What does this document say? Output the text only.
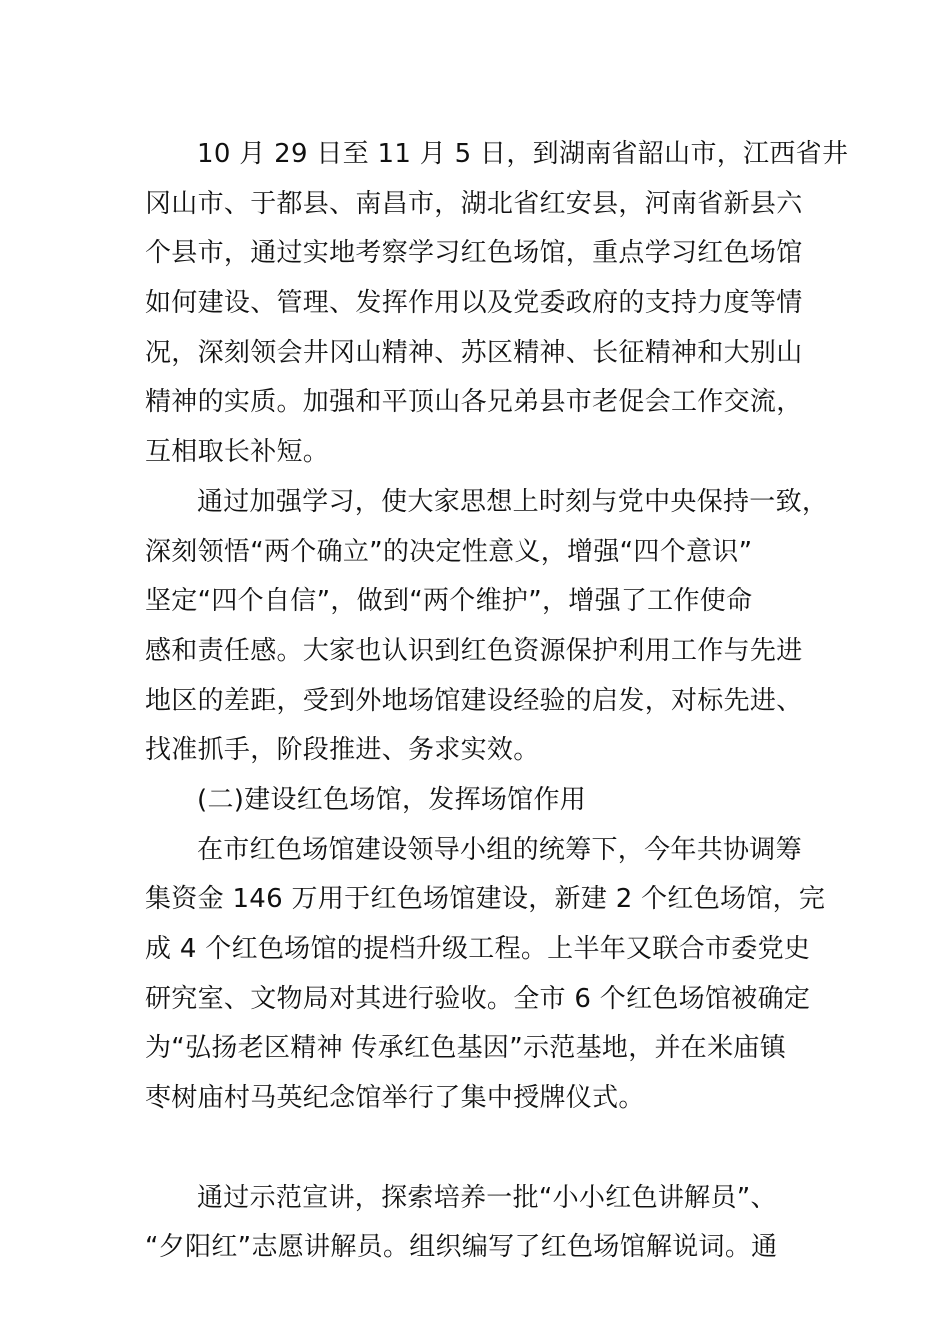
10 月 29 日至 11 月 5 日，到湖南省韶山市，江西省井
冈山市、于都县、南昌市，湖北省红安县，河南省新县六
个县市，通过实地考察学习红色场馆，重点学习红色场馆
如何建设、管理、发挥作用以及党委政府的支持力度等情
况，深刻领会井冈山精神、苏区精神、长征精神和大别山
精神的实质。加强和平顶山各兄弟县市老促会工作交流，
互相取长补短。
通过加强学习，使大家思想上时刻与党中央保持一致，
深刻领悟“两个确立”的决定性意义，增强“四个意识”
坚定“四个自信”，做到“两个维护”，增强了工作使命
感和责任感。大家也认识到红色资源保护利用工作与先进
地区的差距，受到外地场馆建设经验的启发，对标先进、
找准抓手，阶段推进、务求实效。
(二)建设红色场馆，发挥场馆作用
在市红色场馆建设领导小组的统筹下，今年共协调筹
集资金 146 万用于红色场馆建设，新建 2 个红色场馆，完
成 4 个红色场馆的提档升级工程。上半年又联合市委党史
研究室、文物局对其进行验收。全市 6 个红色场馆被确定
为“弘扬老区精神 传承红色基因”示范基地，并在米庙镇
枣树庙村马英纪念馆举行了集中授牌仪式。
通过示范宣讲，探索培养一批“小小红色讲解员”、
“夕阳红”志愿讲解员。组织编写了红色场馆解说词。通
